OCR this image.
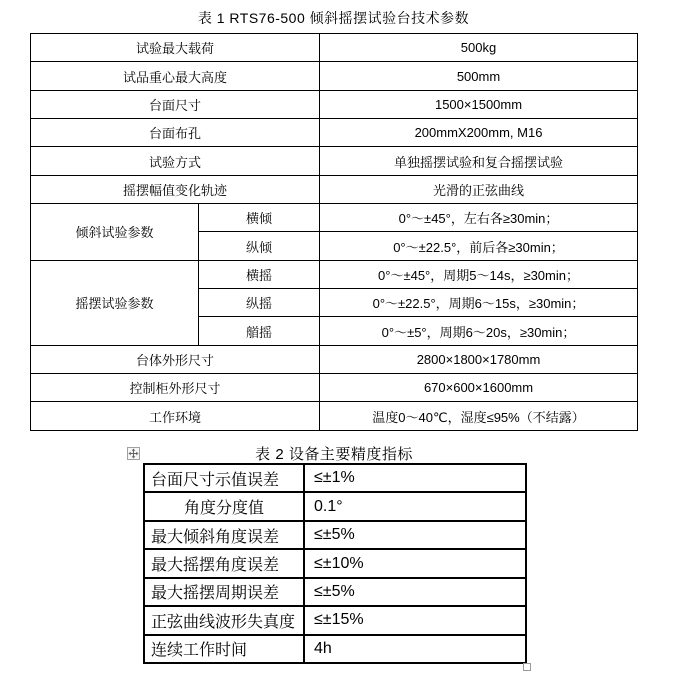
表 1 RTS76-500 倾斜摇摆试验台技术参数
试验最大载荷		500kg
试品重心最大高度		500mm
台面尺寸		1500×1500mm
台面布孔		200mmX200mm, M16
试验方式		单独摇摆试验和复合摇摆试验
摇摆幅值变化轨迹		光滑的正弦曲线
倾斜试验参数	横倾	0°～±45°，左右各≥30min；
	纵倾	0°～±22.5°，前后各≥30min；
摇摆试验参数	横摇	0°～±45°，周期5～14s，≥30min；
	纵摇	0°～±22.5°，周期6～15s，≥30min；
	艏摇	0°～±5°，周期6～20s，≥30min；
台体外形尺寸		2800×1800×1780mm
控制柜外形尺寸		670×600×1600mm
工作环境		温度0～40℃，湿度≤95%（不结露）
表 2 设备主要精度指标
台面尺寸示值误差	≤±1%
角度分度值	0.1°
最大倾斜角度误差	≤±5%
最大摇摆角度误差	≤±10%
最大摇摆周期误差	≤±5%
正弦曲线波形失真度	≤±15%
连续工作时间	4h
